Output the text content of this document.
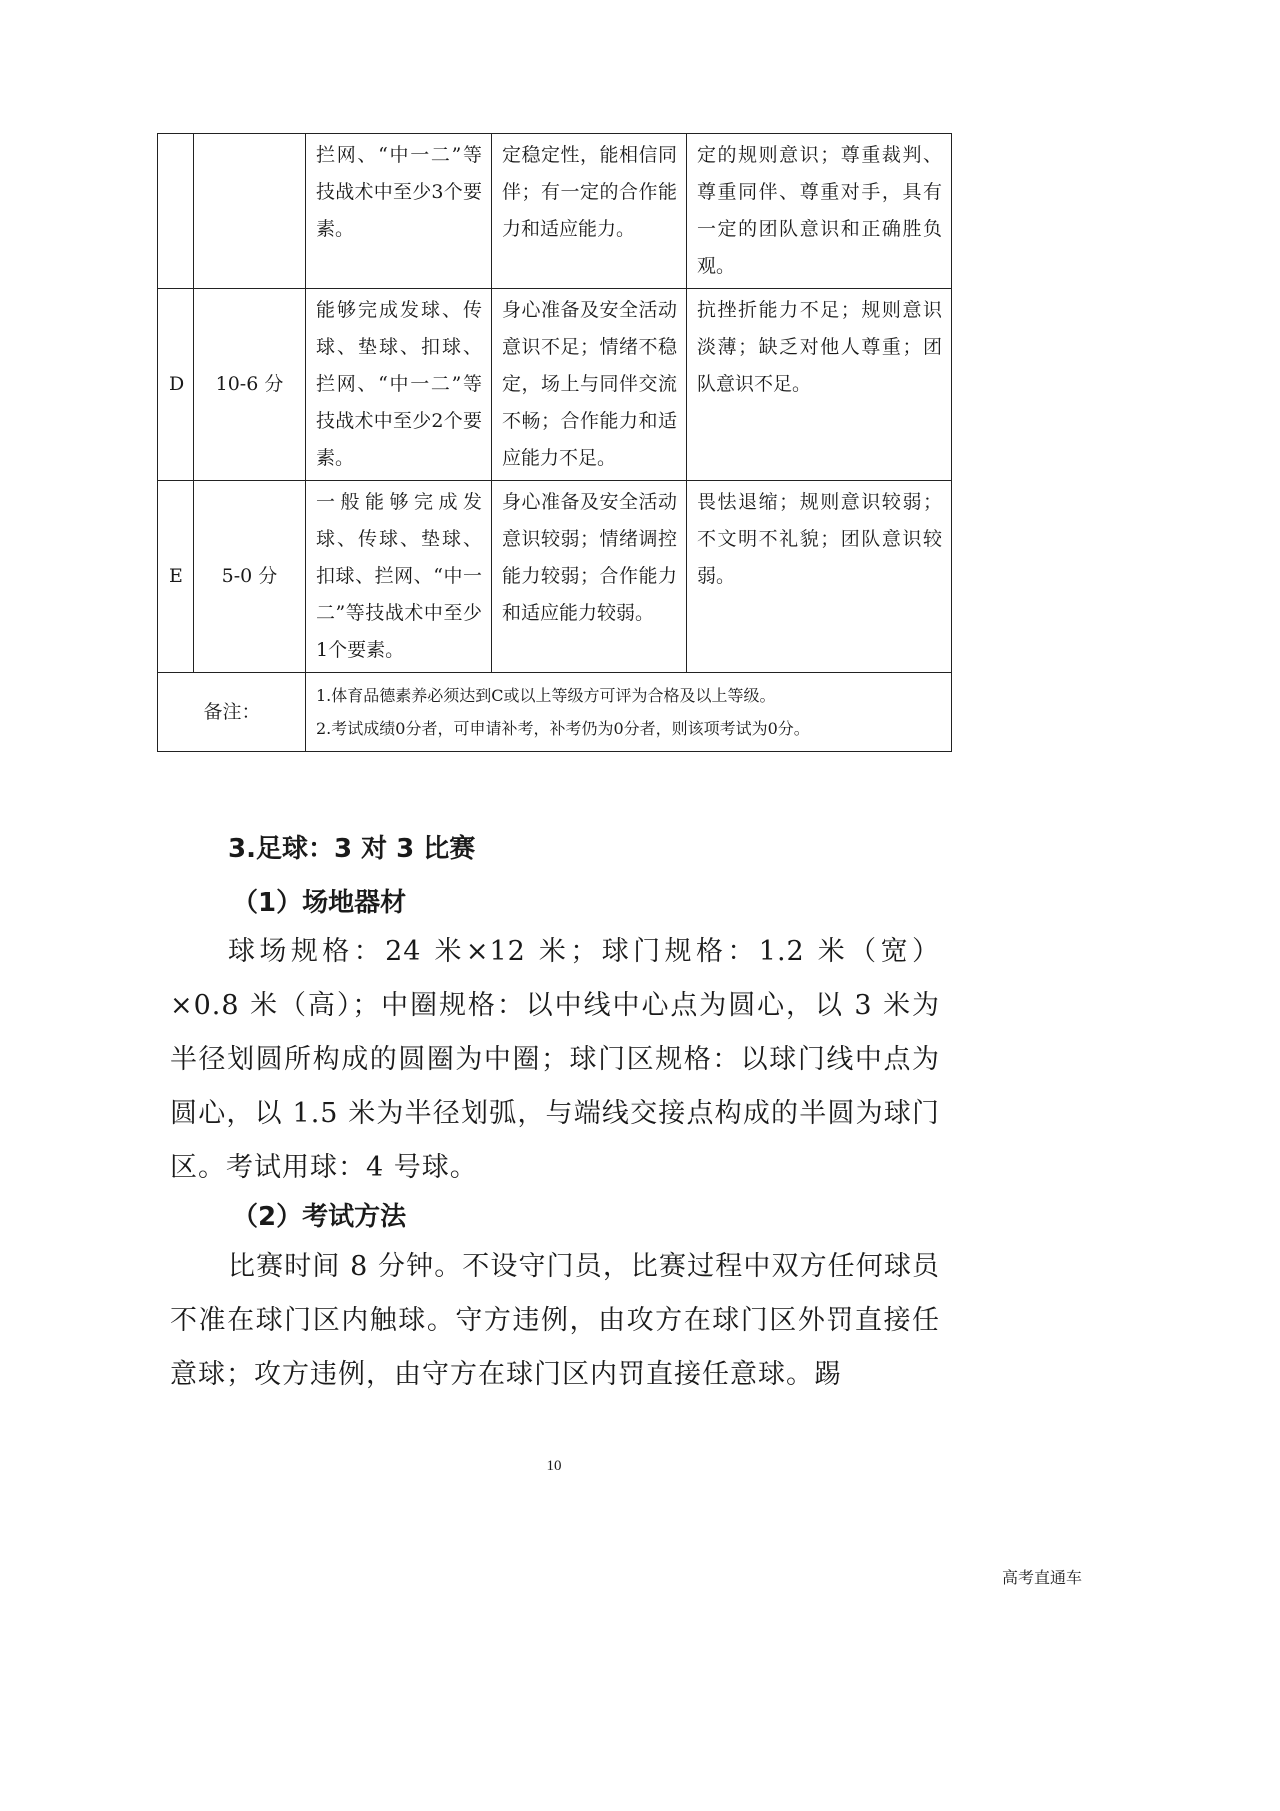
		拦网、“中一二”等技战术中至少3个要素。	定稳定性，能相信同伴；有一定的合作能力和适应能力。	定的规则意识；尊重裁判、尊重同伴、尊重对手，具有一定的团队意识和正确胜负观。
D	10-6 分	能够完成发球、传球、垫球、扣球、拦网、“中一二”等技战术中至少2个要素。	身心准备及安全活动意识不足；情绪不稳定，场上与同伴交流不畅；合作能力和适应能力不足。	抗挫折能力不足；规则意识淡薄；缺乏对他人尊重；团队意识不足。
E	5-0 分	一般能够完成发球、传球、垫球、扣球、拦网、“中一二”等技战术中至少1个要素。	身心准备及安全活动意识较弱；情绪调控能力较弱；合作能力和适应能力较弱。	畏怯退缩；规则意识较弱；不文明不礼貌；团队意识较弱。
备注：		1.体育品德素养必须达到C或以上等级方可评为合格及以上等级。
2.考试成绩0分者，可申请补考，补考仍为0分者，则该项考试为0分。		
3.足球：3 对 3 比赛
（1）场地器材
球场规格：24 米×12 米；球门规格：1.2 米（宽）×0.8 米（高）；中圈规格：以中线中心点为圆心，以 3 米为半径划圆所构成的圆圈为中圈；球门区规格：以球门线中点为圆心，以 1.5 米为半径划弧，与端线交接点构成的半圆为球门区。考试用球：4 号球。
（2）考试方法
比赛时间 8 分钟。不设守门员，比赛过程中双方任何球员不准在球门区内触球。守方违例，由攻方在球门区外罚直接任意球；攻方违例，由守方在球门区内罚直接任意球。踢
10
高考直通车
